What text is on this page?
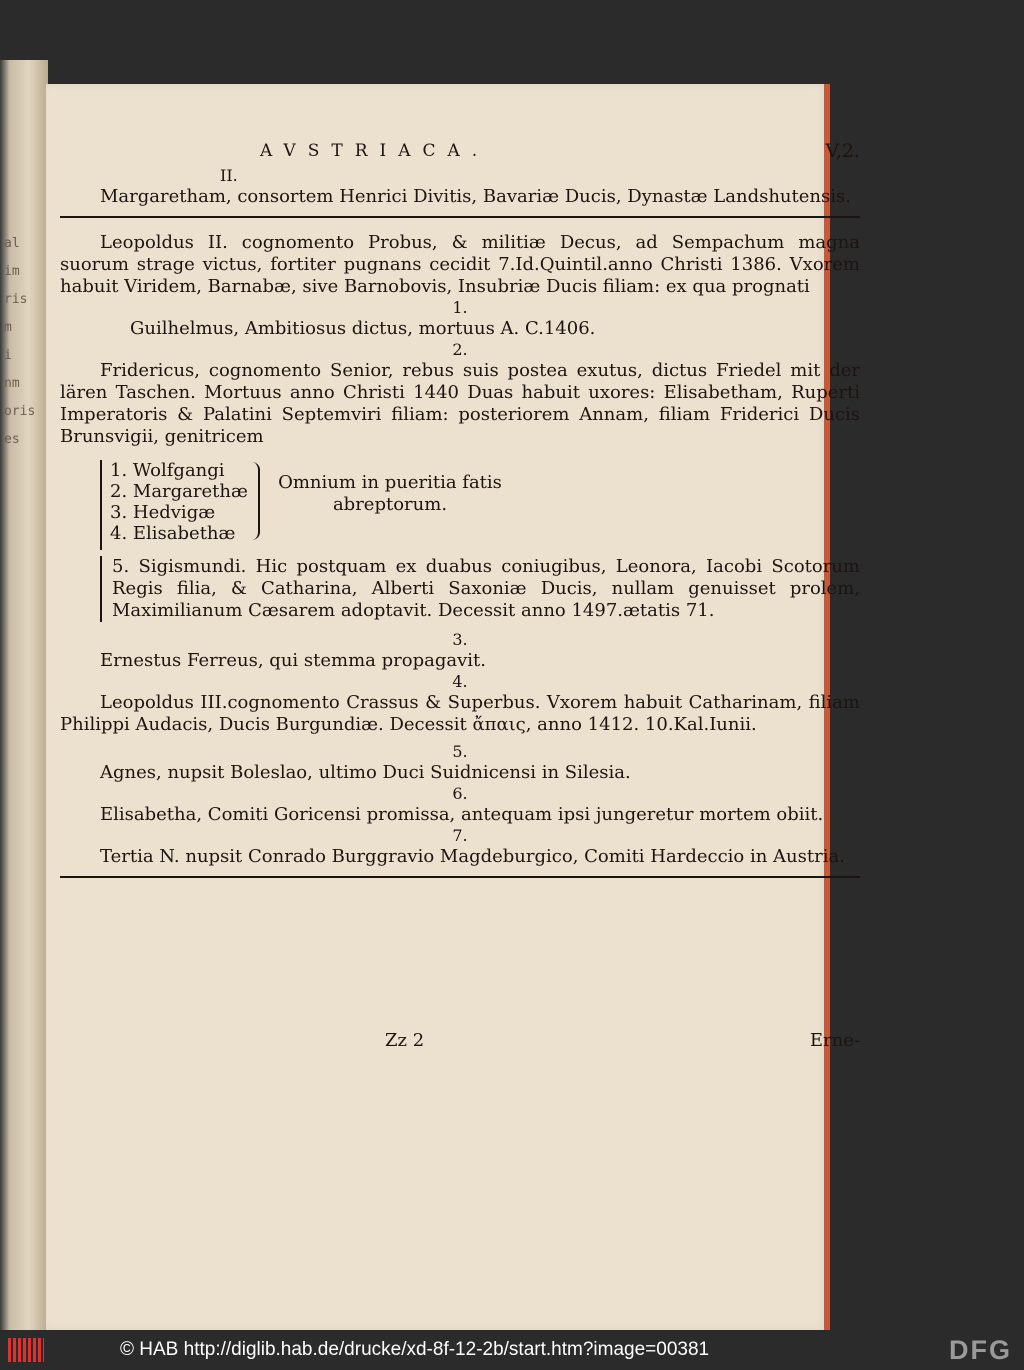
al
im
ris
m
i
nm
oris
es
AVSTRIACA.	V,2.
II.

Margaretham, consortem Henrici Divitis, Bavariæ Ducis, Dynastæ Landshutensis.

Leopoldus II. cognomento Probus, & militiæ Decus, ad Sempachum magna suorum strage victus, fortiter pugnans cecidit 7.Id.Quintil.anno Christi 1386. Vxorem habuit Viridem, Barnabæ, sive Barnobovis, Insubriæ Ducis filiam: ex qua prognati

1.

Guilhelmus, Ambitiosus dictus, mortuus A. C.1406.

2.

Fridericus, cognomento Senior, rebus suis postea exutus, dictus Friedel mit der lären Taschen. Mortuus anno Christi 1440 Duas habuit uxores: Elisabetham, Ruperti Imperatoris & Palatini Septemviri filiam: posteriorem Annam, filiam Friderici Ducis Brunsvigii, genitricem

1. Wolfgangi
2. Margarethæ
3. Hedvigæ
4. Elisabethæ
Omnium in pueritia fatis
abreptorum.

5. Sigismundi. Hic postquam ex duabus coniugibus, Leonora, Iacobi Scotorum Regis filia, & Catharina, Alberti Saxoniæ Ducis, nullam genuisset prolem, Maximilianum Cæsarem adoptavit. Decessit anno 1497.ætatis 71.

3.

Ernestus Ferreus, qui stemma propagavit.

4.

Leopoldus III.cognomento Crassus & Superbus. Vxorem habuit Catharinam, filiam Philippi Audacis, Ducis Burgundiæ. Decessit ἄπαις, anno 1412. 10.Kal.Iunii.

5.

Agnes, nupsit Boleslao, ultimo Duci Suidnicensi in Silesia.

6.

Elisabetha, Comiti Goricensi promissa, antequam ipsi jungeretur mortem obiit.

7.

Tertia N. nupsit Conrado Burggravio Magdeburgico, Comiti Hardeccio in Austria.

Zz 2	Erne-
© HAB http://diglib.hab.de/drucke/xd-8f-12-2b/start.htm?image=00381	DFG
